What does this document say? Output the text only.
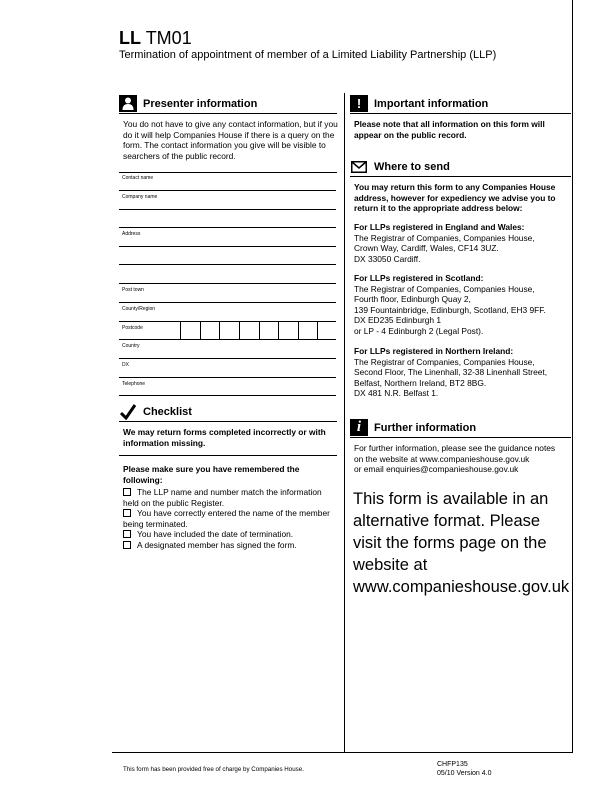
LL TM01
Termination of appointment of member of a Limited Liability Partnership (LLP)
Presenter information
You do not have to give any contact information, but if you do it will help Companies House if there is a query on the form. The contact information you give will be visible to searchers of the public record.
Contact name
Company name
Address
Post town
County/Region
Postcode
Country
DX
Telephone
Checklist
We may return forms completed incorrectly or with information missing.
Please make sure you have remembered the following:
The LLP name and number match the information held on the public Register.
You have correctly entered the name of the member being terminated.
You have included the date of termination.
A designated member has signed the form.
!	Important information
Please note that all information on this form will appear on the public record.
Where to send
You may return this form to any Companies House address, however for expediency we advise you to return it to the appropriate address below:
For LLPs registered in England and Wales:
The Registrar of Companies, Companies House,
Crown Way, Cardiff, Wales, CF14 3UZ.
DX 33050 Cardiff.
For LLPs registered in Scotland:
The Registrar of Companies, Companies House,
Fourth floor, Edinburgh Quay 2,
139 Fountainbridge, Edinburgh, Scotland, EH3 9FF.
DX ED235 Edinburgh 1
or LP - 4 Edinburgh 2 (Legal Post).
For LLPs registered in Northern Ireland:
The Registrar of Companies, Companies House,
Second Floor, The Linenhall, 32-38 Linenhall Street,
Belfast, Northern Ireland, BT2 8BG.
DX 481 N.R. Belfast 1.
i	Further information
For further information, please see the guidance notes
on the website at www.companieshouse.gov.uk
or email enquiries@companieshouse.gov.uk
This form is available in an alternative format. Please visit the forms page on the website at www.companieshouse.gov.uk
This form has been provided free of charge by Companies House.
CHFP135
05/10 Version 4.0
